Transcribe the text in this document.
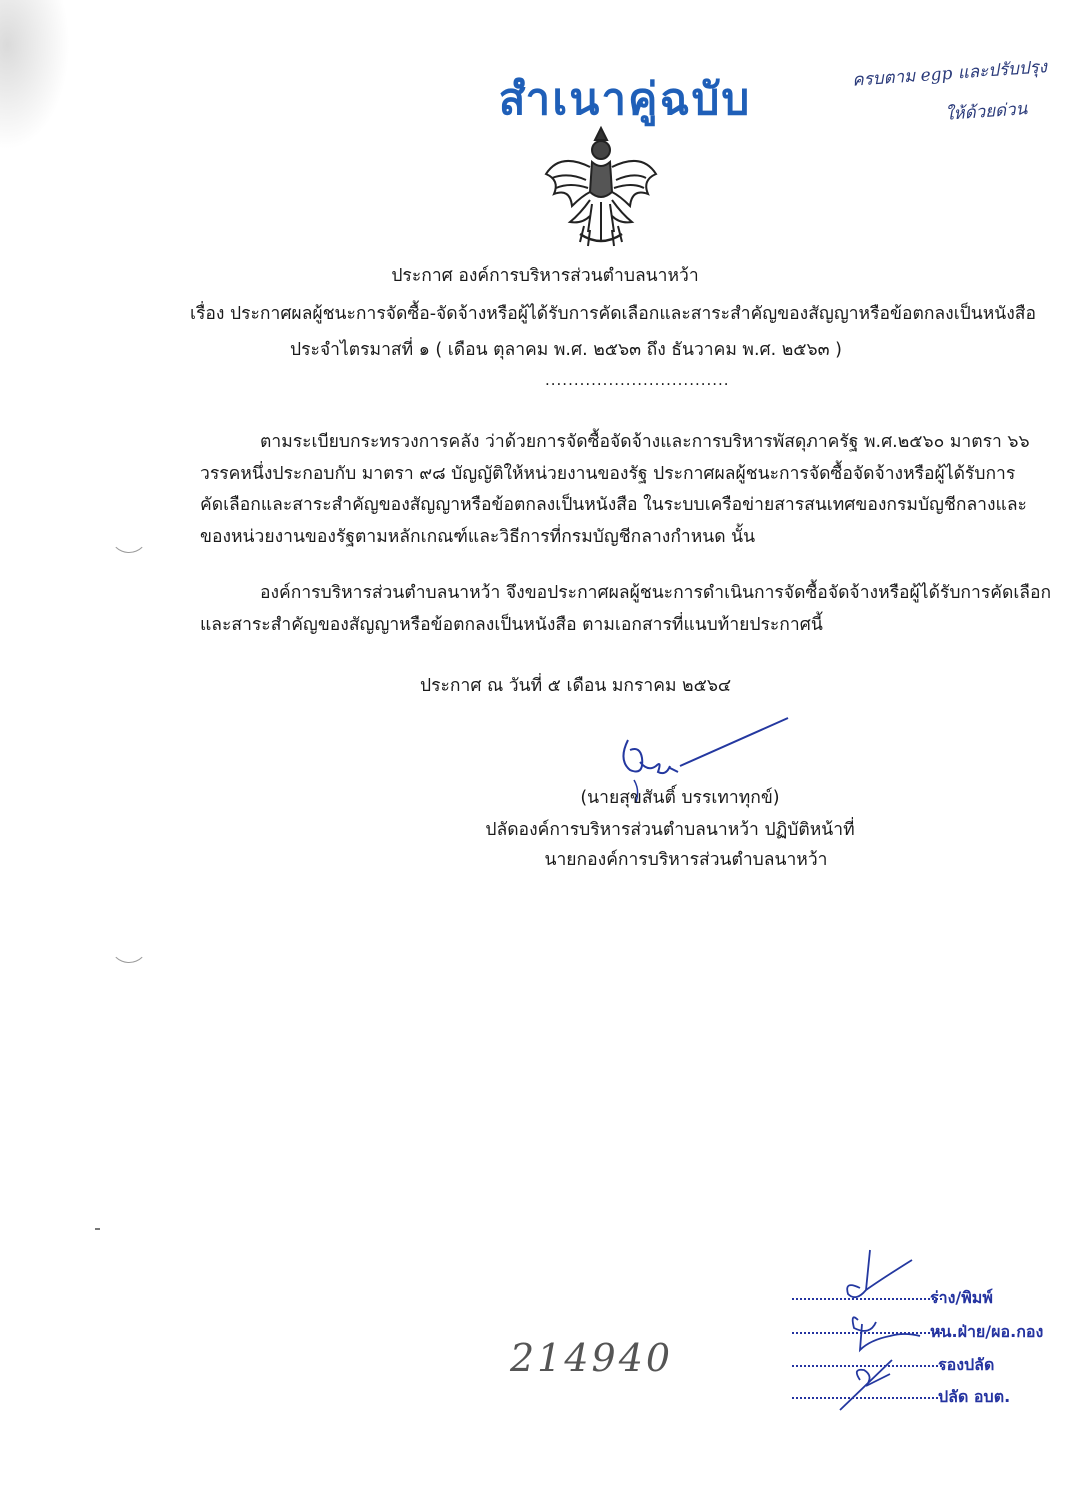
สำเนาคู่ฉบับ
ครบตาม egp และปรับปรุง
ให้ด้วยด่วน
ประกาศ องค์การบริหารส่วนตำบลนาหว้า
เรื่อง ประกาศผลผู้ชนะการจัดซื้อ-จัดจ้างหรือผู้ได้รับการคัดเลือกและสาระสำคัญของสัญญาหรือข้อตกลงเป็นหนังสือ
ประจำไตรมาสที่ ๑ ( เดือน ตุลาคม พ.ศ. ๒๕๖๓ ถึง ธันวาคม พ.ศ. ๒๕๖๓ )
................................
ตามระเบียบกระทรวงการคลัง ว่าด้วยการจัดซื้อจัดจ้างและการบริหารพัสดุภาครัฐ พ.ศ.๒๕๖๐ มาตรา ๖๖
วรรคหนึ่งประกอบกับ มาตรา ๙๘ บัญญัติให้หน่วยงานของรัฐ ประกาศผลผู้ชนะการจัดซื้อจัดจ้างหรือผู้ได้รับการ
คัดเลือกและสาระสำคัญของสัญญาหรือข้อตกลงเป็นหนังสือ ในระบบเครือข่ายสารสนเทศของกรมบัญชีกลางและ
ของหน่วยงานของรัฐตามหลักเกณฑ์และวิธีการที่กรมบัญชีกลางกำหนด นั้น
องค์การบริหารส่วนตำบลนาหว้า จึงขอประกาศผลผู้ชนะการดำเนินการจัดซื้อจัดจ้างหรือผู้ได้รับการคัดเลือก
และสาระสำคัญของสัญญาหรือข้อตกลงเป็นหนังสือ ตามเอกสารที่แนบท้ายประกาศนี้
ประกาศ ณ วันที่ ๕ เดือน มกราคม ๒๕๖๔
(นายสุขสันติ์ บรรเทาทุกข์)
ปลัดองค์การบริหารส่วนตำบลนาหว้า ปฏิบัติหน้าที่
นายกองค์การบริหารส่วนตำบลนาหว้า
214940
ร่าง/พิมพ์
หน.ฝ่าย/ผอ.กอง
รองปลัด
ปลัด อบต.
